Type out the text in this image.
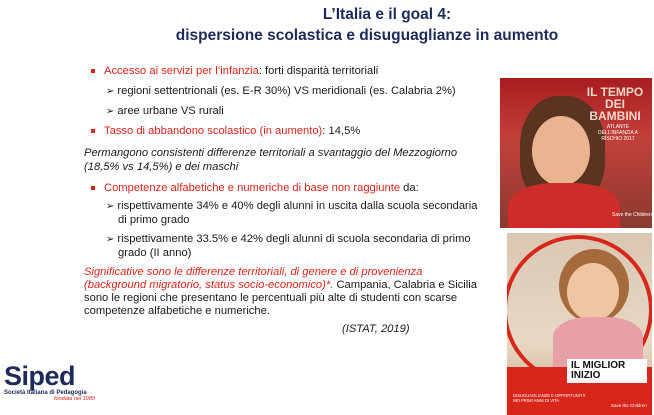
L’Italia e il goal 4:
dispersione scolastica e disuguaglianze in aumento
Accesso ai servizi per l’infanzia: forti disparità territoriali
➢ regioni settentrionali (es. E-R 30%) VS meridionali (es. Calabria 2%)
➢ aree urbane VS rurali
Tasso di abbandono scolastico (in aumento): 14,5%
Permangono consistenti differenze territoriali a svantaggio del Mezzogiorno
(18,5% vs 14,5%) e dei maschi
Competenze alfabetiche e numeriche di base non raggiunte da:
➢ rispettivamente 34% e 40% degli alunni in uscita dalla scuola secondaria
di primo grado
➢ rispettivamente 33.5% e 42% degli alunni di scuola secondaria di primo
grado (II anno)
Significative sono le differenze territoriali, di genere e di provenienza
(background migratorio, status socio-economico)*. Campania, Calabria e Sicilia
sono le regioni che presentano le percentuali più alte di studenti con scarse
competenze alfabetiche e numeriche.
(ISTAT, 2019)
IL TEMPO DEI BAMBINI
ATLANTE DELL’INFANZIA A RISCHIO 2017
Save the Children
IL MIGLIOR INIZIO
DISUGUAGLIANZE E OPPORTUNITÀ NEI PRIMI ANNI DI VITA
Save the Children
Siped
Società Italiana di Pedagogia
fondata nel 1989
